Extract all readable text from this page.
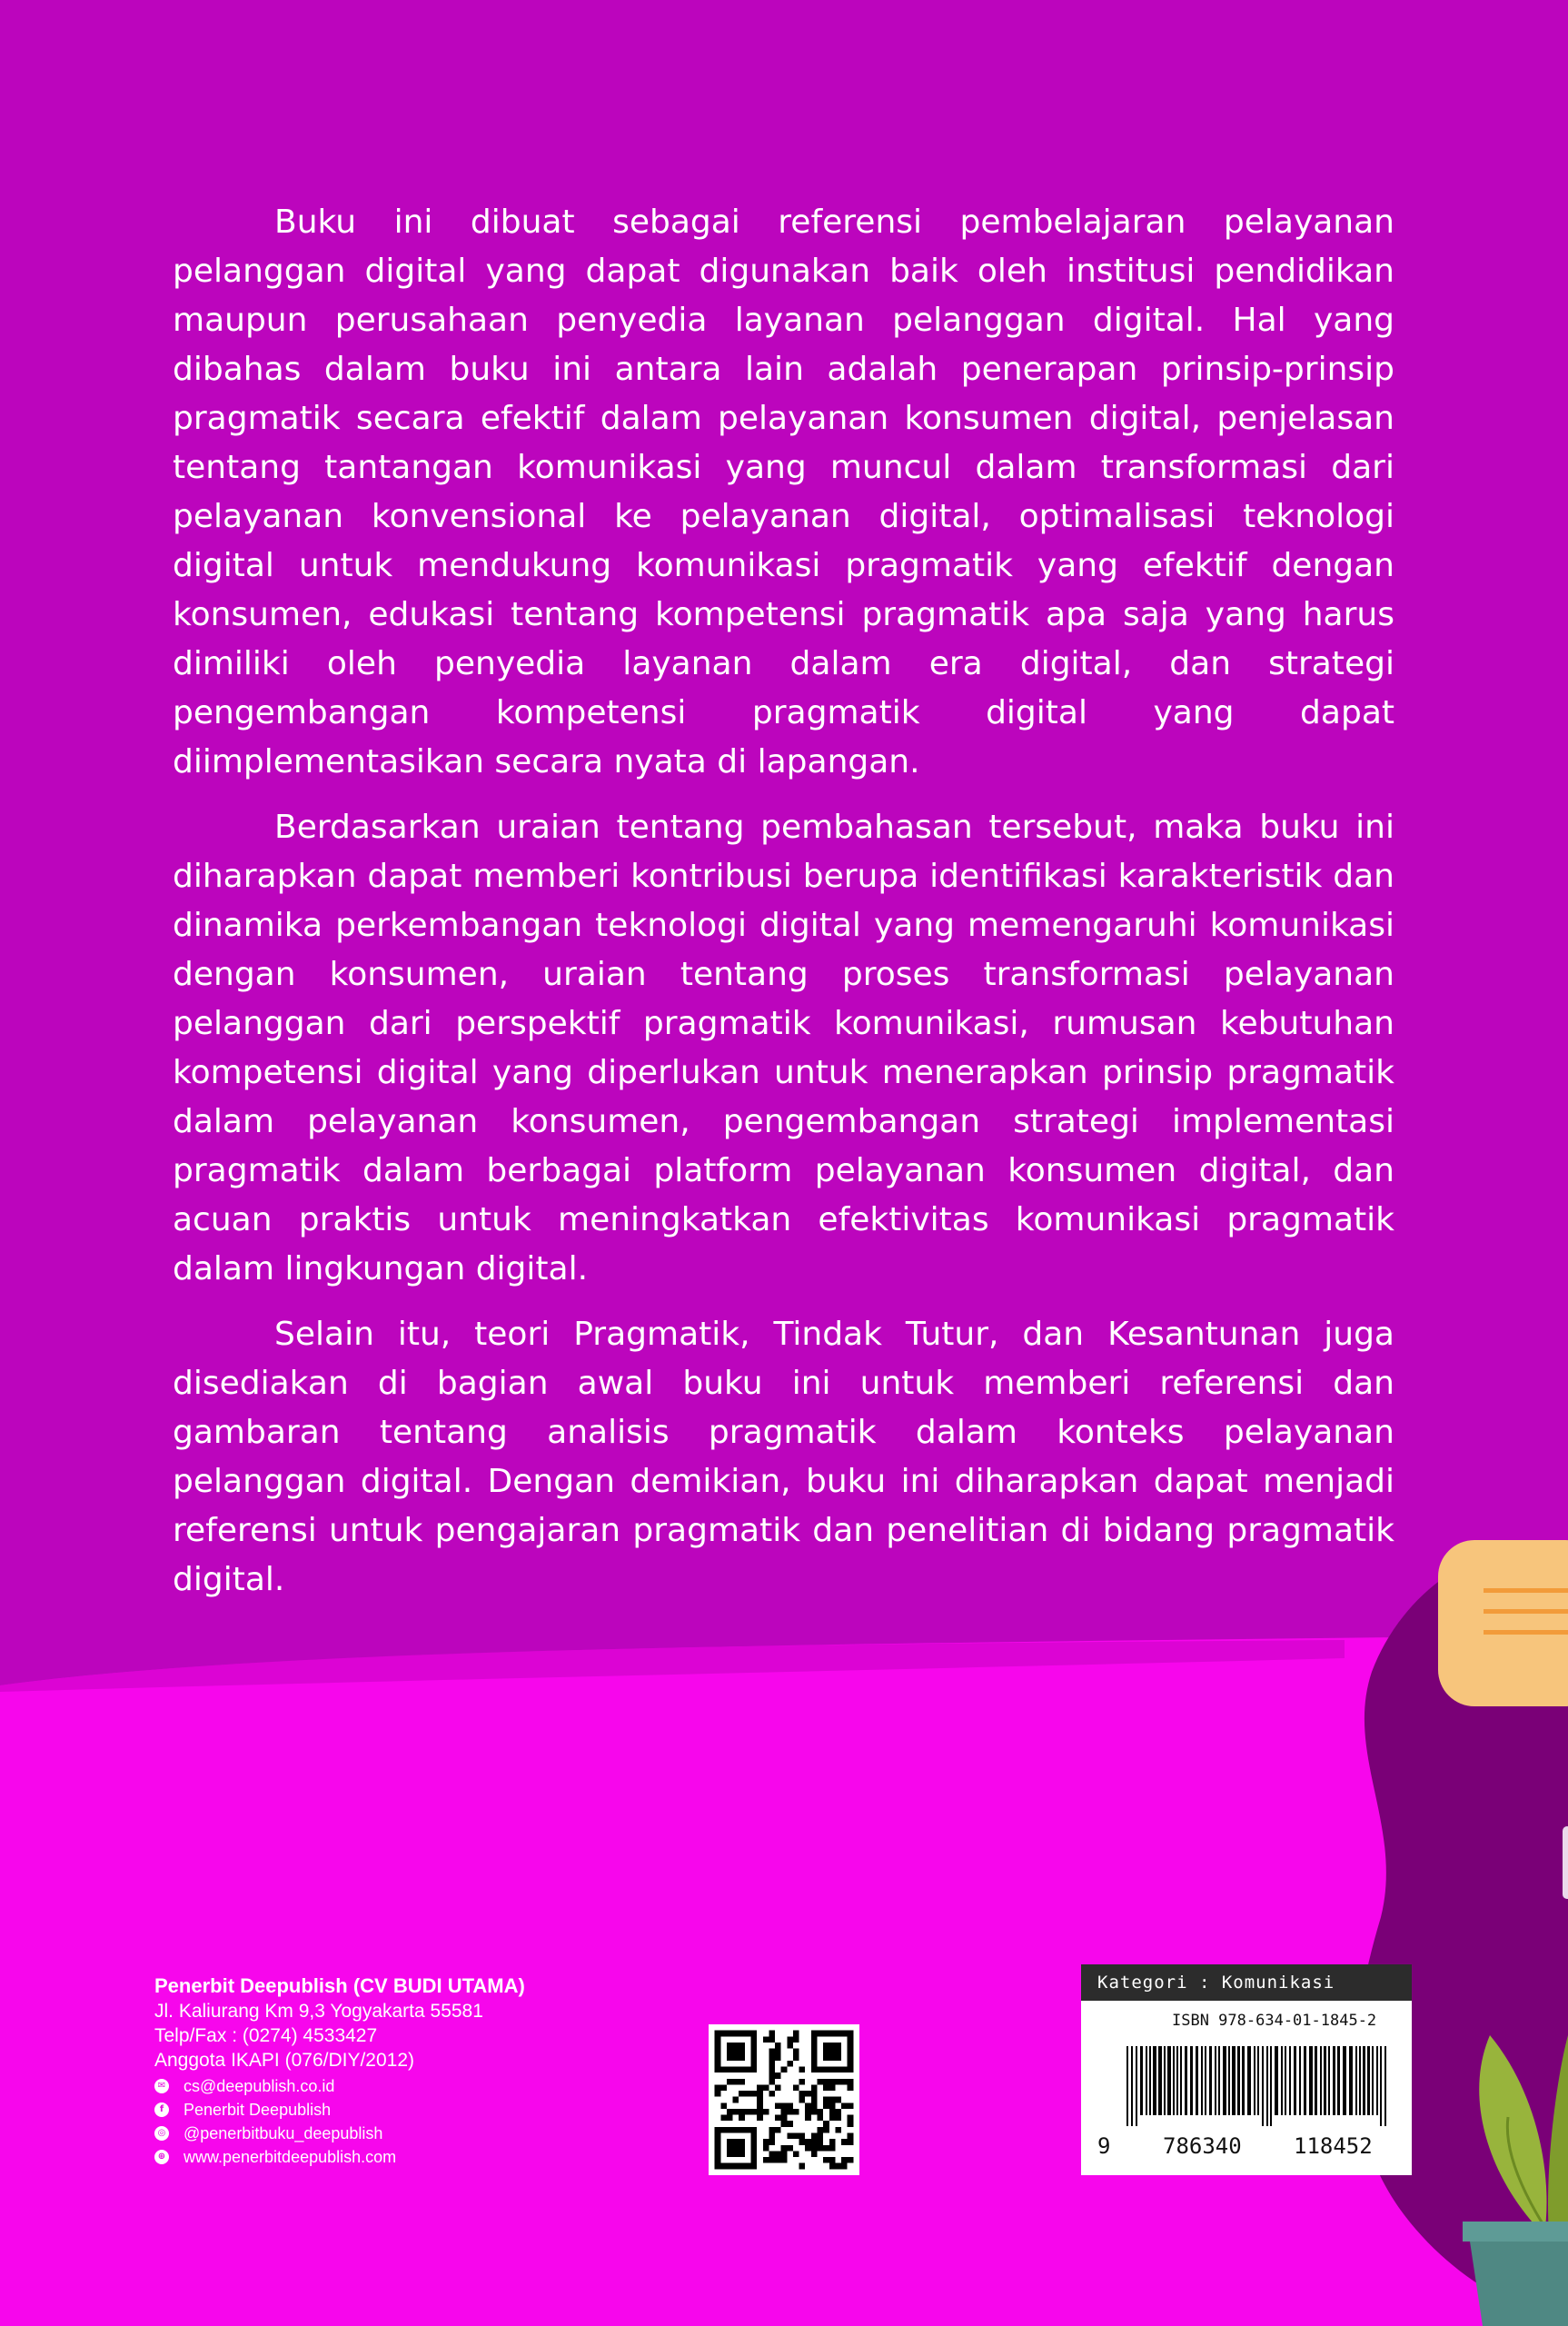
Buku ini dibuat sebagai referensi pembelajaran pelayanan pelanggan digital yang dapat digunakan baik oleh institusi pendidikan maupun perusahaan penyedia layanan pelanggan digital. Hal yang dibahas dalam buku ini antara lain adalah penerapan prinsip-prinsip pragmatik secara efektif dalam pelayanan konsumen digital, penjelasan tentang tantangan komunikasi yang muncul dalam transformasi dari pelayanan konvensional ke pelayanan digital, optimalisasi teknologi digital untuk mendukung komunikasi pragmatik yang efektif dengan konsumen, edukasi tentang kompetensi pragmatik apa saja yang harus dimiliki oleh penyedia layanan dalam era digital, dan strategi pengembangan kompetensi pragmatik digital yang dapat diimplementasikan secara nyata di lapangan.

Berdasarkan uraian tentang pembahasan tersebut, maka buku ini diharapkan dapat memberi kontribusi berupa identifikasi karakteristik dan dinamika perkembangan teknologi digital yang memengaruhi komunikasi dengan konsumen, uraian tentang proses transformasi pelayanan pelanggan dari perspektif pragmatik komunikasi, rumusan kebutuhan kompetensi digital yang diperlukan untuk menerapkan prinsip pragmatik dalam pelayanan konsumen, pengembangan strategi implementasi pragmatik dalam berbagai platform pelayanan konsumen digital, dan acuan praktis untuk meningkatkan efektivitas komunikasi pragmatik dalam lingkungan digital.

Selain itu, teori Pragmatik, Tindak Tutur, dan Kesantunan juga disediakan di bagian awal buku ini untuk memberi referensi dan gambaran tentang analisis pragmatik dalam konteks pelayanan pelanggan digital. Dengan demikian, buku ini diharapkan dapat menjadi referensi untuk pengajaran pragmatik dan penelitian di bidang pragmatik digital.

Penerbit Deepublish (CV BUDI UTAMA)
Jl. Kaliurang Km 9,3 Yogyakarta 55581
Telp/Fax : (0274) 4533427
Anggota IKAPI (076/DIY/2012)
✉ cs@deepublish.co.id
f	Penerbit Deepublish
◎ @penerbitbuku_deepublish
⊕ www.penerbitdeepublish.com
Kategori : Komunikasi Bisnis ISBN 978-634-01-1845-2
9 786340 118452
